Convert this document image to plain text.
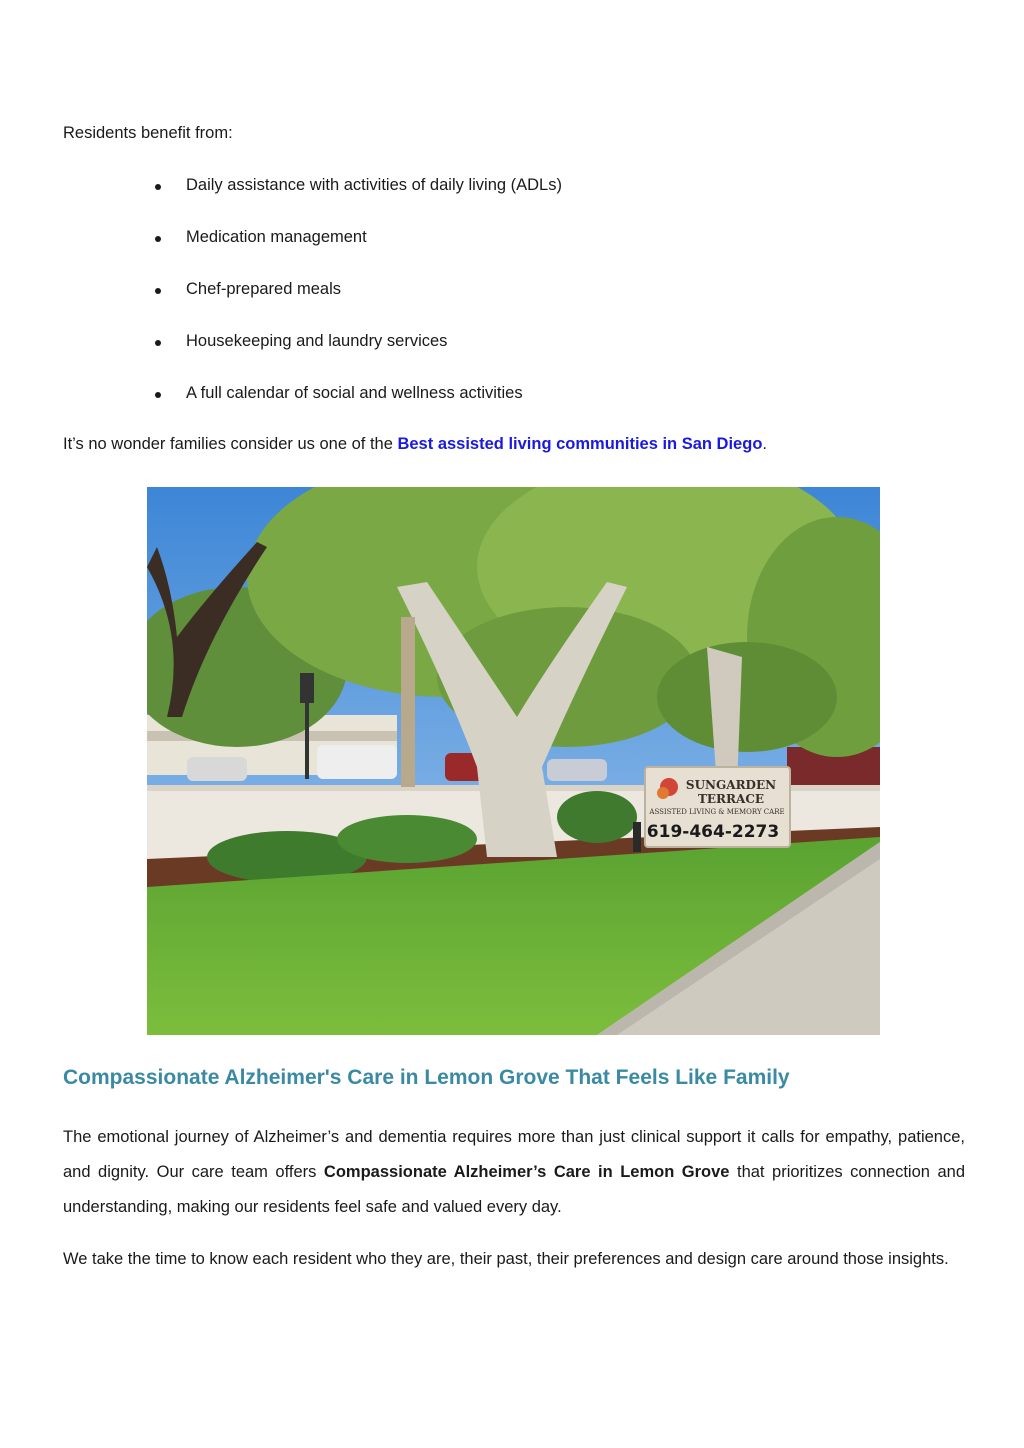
Residents benefit from:

Daily assistance with activities of daily living (ADLs)
Medication management
Chef-prepared meals
Housekeeping and laundry services
A full calendar of social and wellness activities

It’s no wonder families consider us one of the Best assisted living communities in San Diego.

SUNGARDEN
TERRACE
ASSISTED LIVING & MEMORY CARE
619-464-2273
Compassionate Alzheimer's Care in Lemon Grove That Feels Like Family

The emotional journey of Alzheimer’s and dementia requires more than just clinical support it calls for empathy, patience, and dignity. Our care team offers Compassionate Alzheimer’s Care in Lemon Grove that prioritizes connection and understanding, making our residents feel safe and valued every day.

We take the time to know each resident who they are, their past, their preferences and design care around those insights.
